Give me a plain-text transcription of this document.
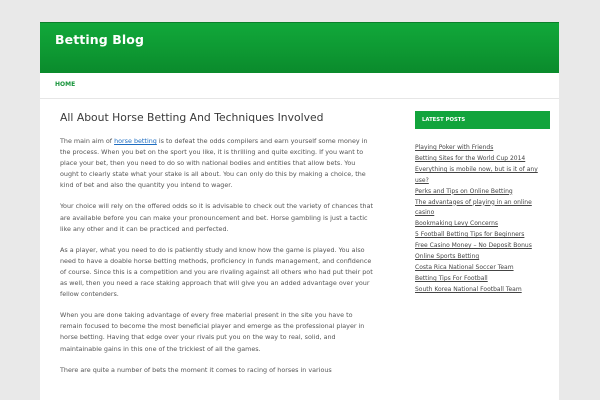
Betting Blog
HOME
All About Horse Betting And Techniques Involved

The main aim of horse betting is to defeat the odds compilers and earn yourself some money in the process. When you bet on the sport you like, it is thrilling and quite exciting. If you want to place your bet, then you need to do so with national bodies and entities that allow bets. You ought to clearly state what your stake is all about. You can only do this by making a choice, the kind of bet and also the quantity you intend to wager.

Your choice will rely on the offered odds so it is advisable to check out the variety of chances that are available before you can make your pronouncement and bet. Horse gambling is just a tactic like any other and it can be practiced and perfected.

As a player, what you need to do is patiently study and know how the game is played. You also need to have a doable horse betting methods, proficiency in funds management, and confidence of course. Since this is a competition and you are rivaling against all others who had put their pot as well, then you need a race staking approach that will give you an added advantage over your fellow contenders.

When you are done taking advantage of every free material present in the site you have to remain focused to become the most beneficial player and emerge as the professional player in horse betting. Having that edge over your rivals put you on the way to real, solid, and maintainable gains in this one of the trickiest of all the games.

There are quite a number of bets the moment it comes to racing of horses in various

LATEST POSTS
Playing Poker with Friends
Betting Sites for the World Cup 2014
Everything is mobile now, but is it of any use?
Perks and Tips on Online Betting
The advantages of playing in an online casino
Bookmaking Levy Concerns
5 Football Betting Tips for Beginners
Free Casino Money – No Deposit Bonus
Online Sports Betting
Costa Rica National Soccer Team
Betting Tips For Football
South Korea National Football Team
